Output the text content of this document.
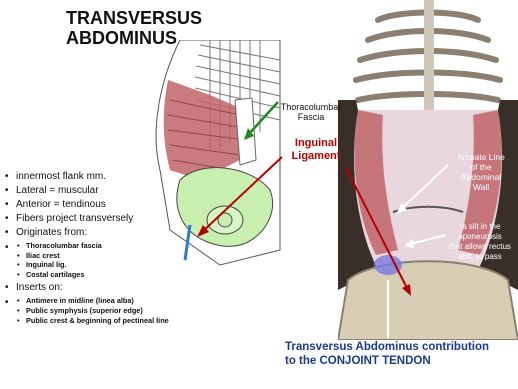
TRANSVERSUS
ABDOMINUS
Thoracolumbar
Fascia
Inguinal
Ligament	Arcuate Line
of the
Abdominal
Wall
-a slit in the
aponeurosis
that allows rectus
abd. to pass
• innermost flank mm.
• Lateral = muscular
• Anterior = tendinous
• Fibers project transversely
• Originates from:
• • Thoracolumbar fascia
• Iliac crest
• Inguinal lig.
• Costal cartilages
• Inserts on:
• • Antimere in midline (linea alba)
• Public symphysis (superior edge)
• Public crest & beginning of pectineal line
Transversus Abdominus contribution
to the CONJOINT TENDON
